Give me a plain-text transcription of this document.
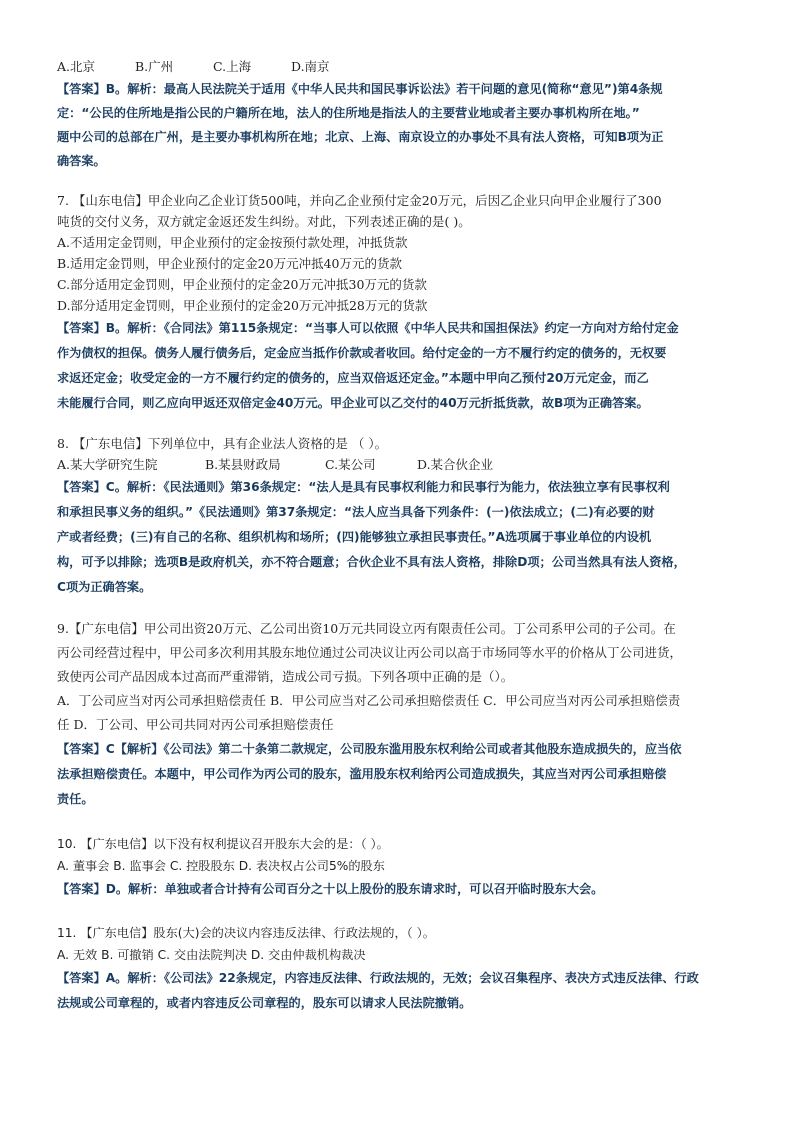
A.北京	B.广州	C.上海	D.南京
【答案】B。解析：最高人民法院关于适用《中华人民共和国民事诉讼法》若干问题的意见(简称“意见”)第4条规
定：“公民的住所地是指公民的户籍所在地，法人的住所地是指法人的主要营业地或者主要办事机构所在地。”
题中公司的总部在广州，是主要办事机构所在地；北京、上海、南京设立的办事处不具有法人资格，可知B项为正
确答案。
7. 【山东电信】甲企业向乙企业订货500吨，并向乙企业预付定金20万元，后因乙企业只向甲企业履行了300
吨货的交付义务，双方就定金返还发生纠纷。对此，下列表述正确的是( )。
A.不适用定金罚则，甲企业预付的定金按预付款处理，冲抵货款
B.适用定金罚则，甲企业预付的定金20万元冲抵40万元的货款
C.部分适用定金罚则，甲企业预付的定金20万元冲抵30万元的货款
D.部分适用定金罚则，甲企业预付的定金20万元冲抵28万元的货款
【答案】B。解析：《合同法》第115条规定：“当事人可以依照《中华人民共和国担保法》约定一方向对方给付定金
作为债权的担保。债务人履行债务后，定金应当抵作价款或者收回。给付定金的一方不履行约定的债务的，无权要
求返还定金；收受定金的一方不履行约定的债务的，应当双倍返还定金。”本题中甲向乙预付20万元定金，而乙
未能履行合同，则乙应向甲返还双倍定金40万元。甲企业可以乙交付的40万元折抵货款，故B项为正确答案。
8. 【广东电信】下列单位中，具有企业法人资格的是 （ ）。
A.某大学研究生院	B.某县财政局	C.某公司	D.某合伙企业
【答案】C。解析：《民法通则》第36条规定：“法人是具有民事权利能力和民事行为能力，依法独立享有民事权利
和承担民事义务的组织。”《民法通则》第37条规定：“法人应当具备下列条件：(一)依法成立；(二)有必要的财
产或者经费；(三)有自己的名称、组织机构和场所；(四)能够独立承担民事责任。”A选项属于事业单位的内设机
构，可予以排除；选项B是政府机关，亦不符合题意；合伙企业不具有法人资格，排除D项；公司当然具有法人资格，
C项为正确答案。
9.【广东电信】甲公司出资20万元、乙公司出资10万元共同设立丙有限责任公司。丁公司系甲公司的子公司。在
丙公司经营过程中，甲公司多次利用其股东地位通过公司决议让丙公司以高于市场同等水平的价格从丁公司进货，
致使丙公司产品因成本过高而严重滞销，造成公司亏损。下列各项中正确的是（）。
A．丁公司应当对丙公司承担赔偿责任 B．甲公司应当对乙公司承担赔偿责任 C．甲公司应当对丙公司承担赔偿责
任 D．丁公司、甲公司共同对丙公司承担赔偿责任
【答案】C【解析】《公司法》第二十条第二款规定，公司股东滥用股东权利给公司或者其他股东造成损失的，应当依
法承担赔偿责任。本题中，甲公司作为丙公司的股东，滥用股东权利给丙公司造成损失，其应当对丙公司承担赔偿
责任。
10. 【广东电信】以下没有权利提议召开股东大会的是：（ ）。
A. 董事会 B. 监事会 C. 控股股东 D. 表决权占公司5%的股东
【答案】D。解析：单独或者合计持有公司百分之十以上股份的股东请求时，可以召开临时股东大会。
11. 【广东电信】股东(大)会的决议内容违反法律、行政法规的，（ ）。
A. 无效 B. 可撤销 C. 交由法院判决 D. 交由仲裁机构裁决
【答案】A。解析：《公司法》22条规定，内容违反法律、行政法规的，无效；会议召集程序、表决方式违反法律、行政
法规或公司章程的，或者内容违反公司章程的，股东可以请求人民法院撤销。
